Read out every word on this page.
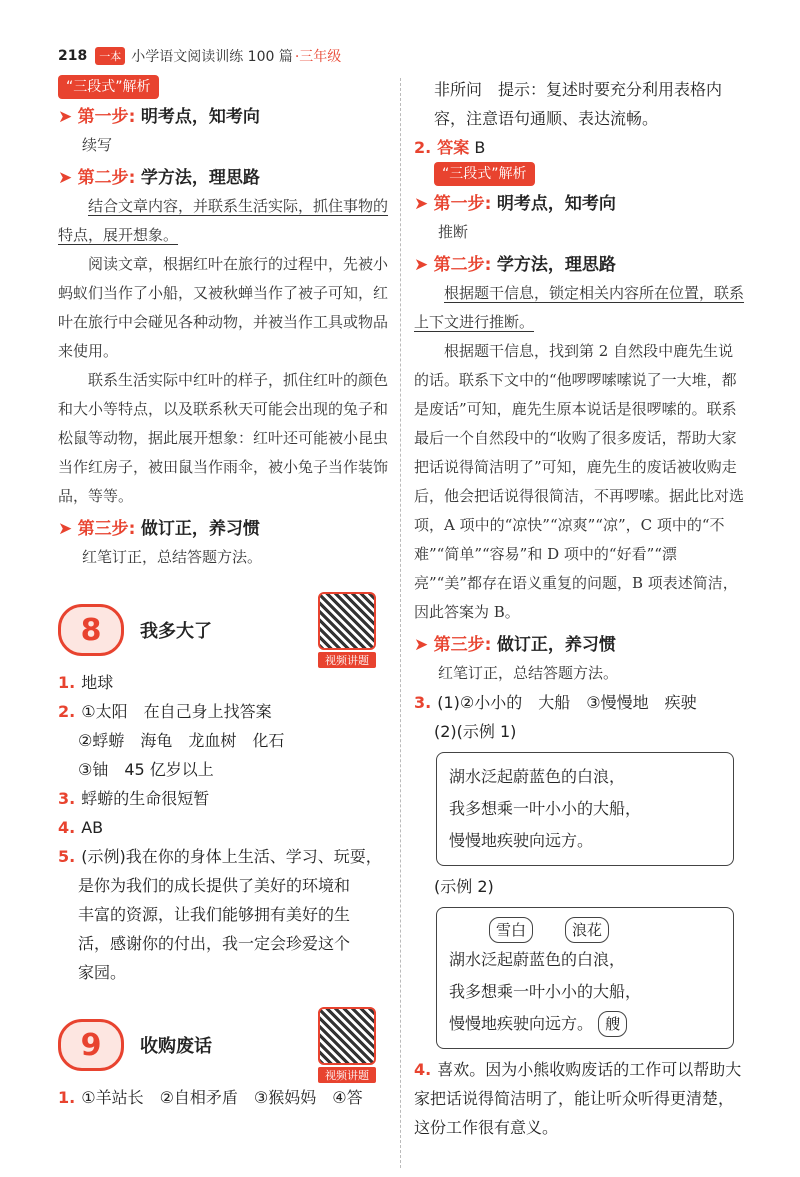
218	一本 小学语文阅读训练 100 篇 ·三年级
“三段式”解析
➤ 第一步: 明考点，知考向
续写
➤ 第二步: 学方法，理思路

结合文章内容，并联系生活实际，抓住事物的特点，展开想象。

阅读文章，根据红叶在旅行的过程中，先被小蚂蚁们当作了小船，又被秋蝉当作了被子可知，红叶在旅行中会碰见各种动物，并被当作工具或物品来使用。

联系生活实际中红叶的样子，抓住红叶的颜色和大小等特点，以及联系秋天可能会出现的兔子和松鼠等动物，据此展开想象：红叶还可能被小昆虫当作红房子，被田鼠当作雨伞，被小兔子当作装饰品，等等。

➤ 第三步: 做订正，养习惯
红笔订正，总结答题方法。
8	我多大了
视频讲题
1. 地球
2. ①太阳　在自己身上找答案
②蜉蝣　海龟　龙血树　化石
③铀　45 亿岁以上
3. 蜉蝣的生命很短暂
4. AB
5. (示例)我在你的身体上生活、学习、玩耍，
是你为我们的成长提供了美好的环境和
丰富的资源，让我们能够拥有美好的生
活，感谢你的付出，我一定会珍爱这个
家园。
9	收购废话
视频讲题
1. ①羊站长　②自相矛盾　③猴妈妈　④答
非所问　提示：复述时要充分利用表格内容，注意语句通顺、表达流畅。
2. 答案 B
“三段式”解析
➤ 第一步: 明考点，知考向
推断
➤ 第二步: 学方法，理思路

根据题干信息，锁定相关内容所在位置，联系上下文进行推断。

根据题干信息，找到第 2 自然段中鹿先生说的话。联系下文中的“他啰啰嗦嗦说了一大堆，都是废话”可知，鹿先生原本说话是很啰嗦的。联系最后一个自然段中的“收购了很多废话，帮助大家把话说得简洁明了”可知，鹿先生的废话被收购走后，他会把话说得很简洁，不再啰嗦。据此比对选项，A 项中的“凉快”“凉爽”“凉”，C 项中的“不难”“简单”“容易”和 D 项中的“好看”“漂亮”“美”都存在语义重复的问题，B 项表述简洁，因此答案为 B。

➤ 第三步: 做订正，养习惯
红笔订正，总结答题方法。
3. (1)②小小的　大船　③慢慢地　疾驶
(2)(示例 1)
湖水泛起蔚蓝色的白浪，
我多想乘一叶小小的大船，
慢慢地疾驶向远方。
(示例 2)
雪白　　	浪花
湖水泛起蔚蓝色的白浪，
我多想乘一叶小小的大船，
慢慢地疾驶向远方。 艘
4. 喜欢。因为小熊收购废话的工作可以帮助大家把话说得简洁明了，能让听众听得更清楚，这份工作很有意义。
